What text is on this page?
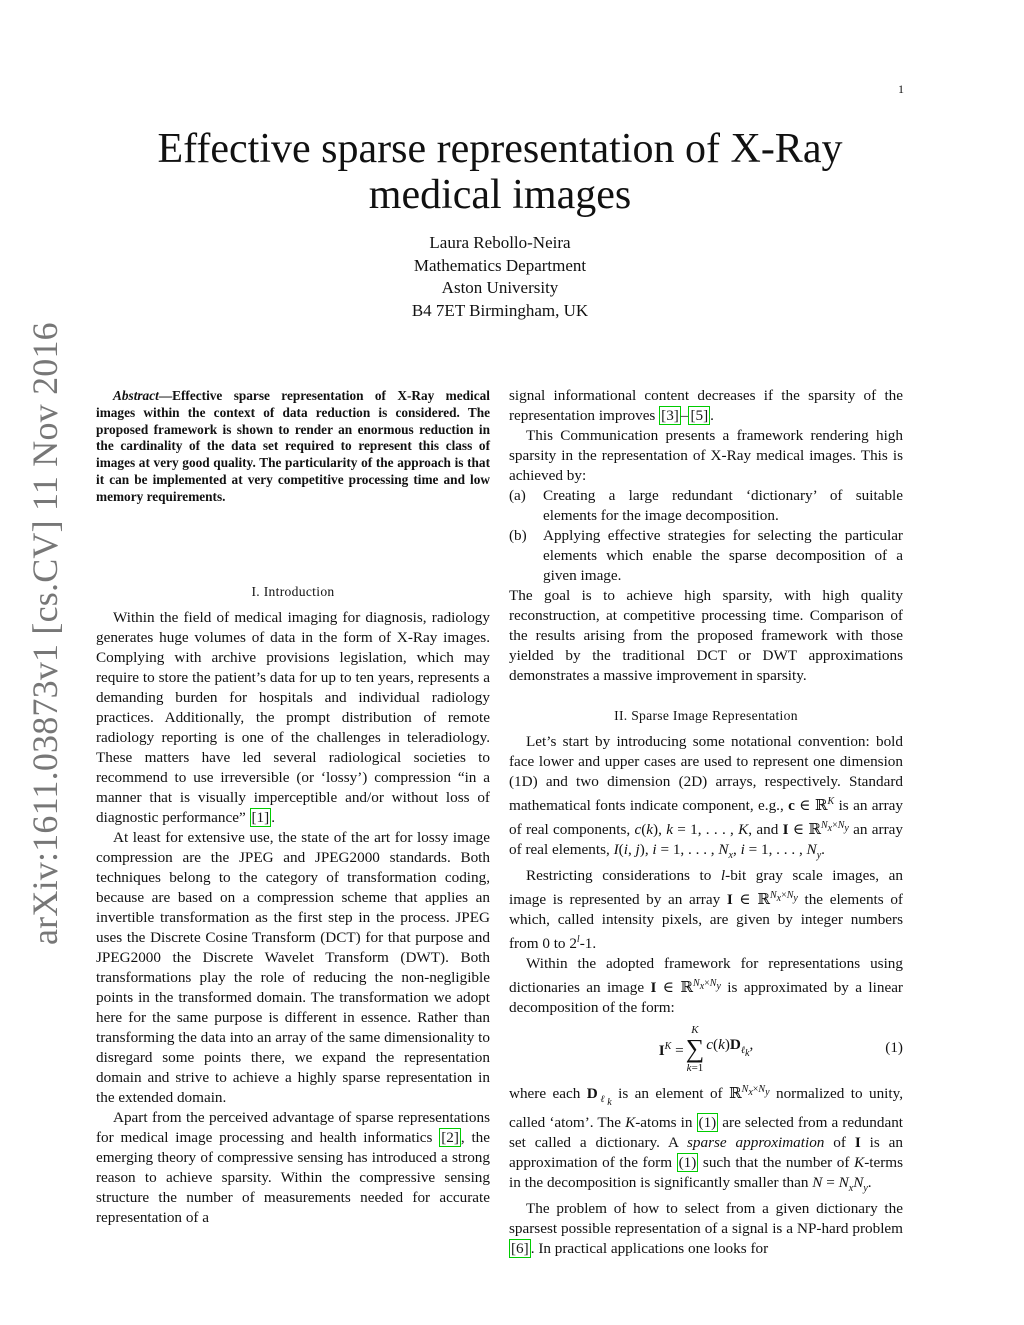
1
arXiv:1611.03873v1 [cs.CV] 11 Nov 2016
Effective sparse representation of X-Ray medical images
Laura Rebollo-Neira
Mathematics Department
Aston University
B4 7ET Birmingham, UK

Abstract—Effective sparse representation of X-Ray medical images within the context of data reduction is considered. The proposed framework is shown to render an enormous reduction in the cardinality of the data set required to represent this class of images at very good quality. The particularity of the approach is that it can be implemented at very competitive processing time and low memory requirements.

I. Introduction

Within the field of medical imaging for diagnosis, radiology generates huge volumes of data in the form of X-Ray images. Complying with archive provisions legislation, which may require to store the patient’s data for up to ten years, represents a demanding burden for hospitals and individual radiology practices. Additionally, the prompt distribution of remote radiology reporting is one of the challenges in teleradiology. These matters have led several radiological societies to recommend to use irreversible (or ‘lossy’) compression “in a manner that is visually imperceptible and/or without loss of diagnostic performance” [1] .

At least for extensive use, the state of the art for lossy image compression are the JPEG and JPEG2000 standards. Both techniques belong to the category of transformation coding, because are based on a compression scheme that applies an invertible transformation as the first step in the process. JPEG uses the Discrete Cosine Transform (DCT) for that purpose and JPEG2000 the Discrete Wavelet Transform (DWT). Both transformations play the role of reducing the non-negligible points in the transformed domain. The transformation we adopt here for the same purpose is different in essence. Rather than transforming the data into an array of the same dimensionality to disregard some points there, we expand the representation domain and strive to achieve a highly sparse representation in the extended domain.

Apart from the perceived advantage of sparse representations for medical image processing and health informatics [2] , the emerging theory of compressive sensing has introduced a strong reason to achieve sparsity. Within the compressive sensing structure the number of measurements needed for accurate representation of a

signal informational content decreases if the sparsity of the representation improves [3] – [5] .

This Communication presents a framework rendering high sparsity in the representation of X-Ray medical images. This is achieved by:

(a)	Creating a large redundant ‘dictionary’ of suitable elements for the image decomposition.
(b)	Applying effective strategies for selecting the particular elements which enable the sparse decomposition of a given image.

The goal is to achieve high sparsity, with high quality reconstruction, at competitive processing time. Comparison of the results arising from the proposed framework with those yielded by the traditional DCT or DWT approximations demonstrates a massive improvement in sparsity.

II. Sparse Image Representation

Let’s start by introducing some notational convention: bold face lower and upper cases are used to represent one dimension (1D) and two dimension (2D) arrays, respectively. Standard mathematical fonts indicate component, e.g., c ∈ ℝ$^K$ is an array of real components, c(k), k = 1, . . . , K, and I ∈ ℝ$^{N_x\times N_y}$ an array of real elements, I(i, j), i = 1, . . . , $N_x$, i = 1, . . . , $N_y$.

Restricting considerations to l-bit gray scale images, an image is represented by an array I ∈ ℝ$^{N_x\times N_y}$ the elements of which, called intensity pixels, are given by integer numbers from 0 to 2$^l$-1.

Within the adopted framework for representations using dictionaries an image I ∈ ℝ$^{N_x\times N_y}$ is approximated by a linear decomposition of the form:

$I^K$ =
K
∑
k=1
$c(k)D_{\ell_k}$,	(1)

where each $D_{\ell_k}$ is an element of ℝ$^{N_x\times N_y}$ normalized to unity, called ‘atom’. The K-atoms in (1) are selected from a redundant set called a dictionary. A sparse approximation of I is an approximation of the form (1) such that the number of K-terms in the decomposition is significantly smaller than $N = N_xN_y$.

The problem of how to select from a given dictionary the sparsest possible representation of a signal is a NP-hard problem [6] . In practical applications one looks for
